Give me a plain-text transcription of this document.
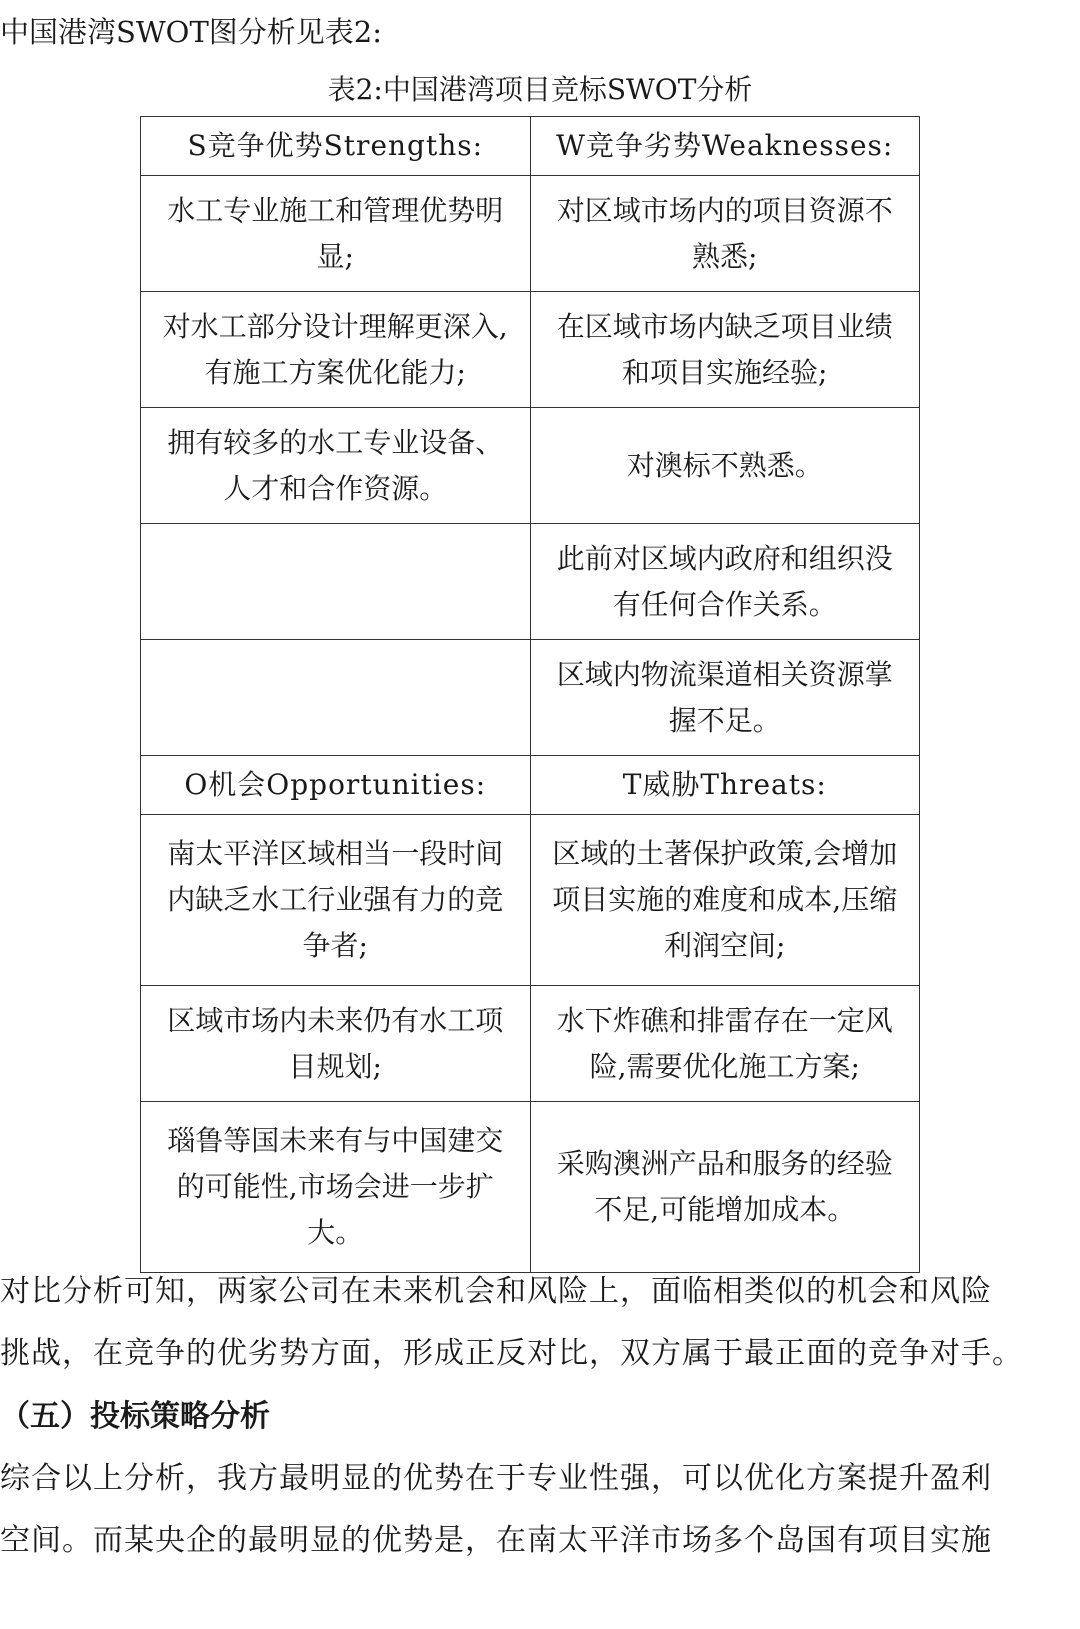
中国港湾SWOT图分析见表2:

表2:中国港湾项目竞标SWOT分析

S竞争优势Strengths:	W竞争劣势Weaknesses:
水工专业施工和管理优势明显;	对区域市场内的项目资源不熟悉;
对水工部分设计理解更深入,有施工方案优化能力;	在区域市场内缺乏项目业绩和项目实施经验;
拥有较多的水工专业设备、人才和合作资源。	对澳标不熟悉。
	此前对区域内政府和组织没有任何合作关系。
	区域内物流渠道相关资源掌握不足。
O机会Opportunities:	T威胁Threats:
南太平洋区域相当一段时间内缺乏水工行业强有力的竞争者;	区域的土著保护政策,会增加项目实施的难度和成本,压缩利润空间;
区域市场内未来仍有水工项目规划;	水下炸礁和排雷存在一定风险,需要优化施工方案;
瑙鲁等国未来有与中国建交的可能性,市场会进一步扩大。	采购澳洲产品和服务的经验不足,可能增加成本。

对比分析可知，两家公司在未来机会和风险上，面临相类似的机会和风险

挑战，在竞争的优劣势方面，形成正反对比，双方属于最正面的竞争对手。

（五）投标策略分析

综合以上分析，我方最明显的优势在于专业性强，可以优化方案提升盈利

空间。而某央企的最明显的优势是，在南太平洋市场多个岛国有项目实施
